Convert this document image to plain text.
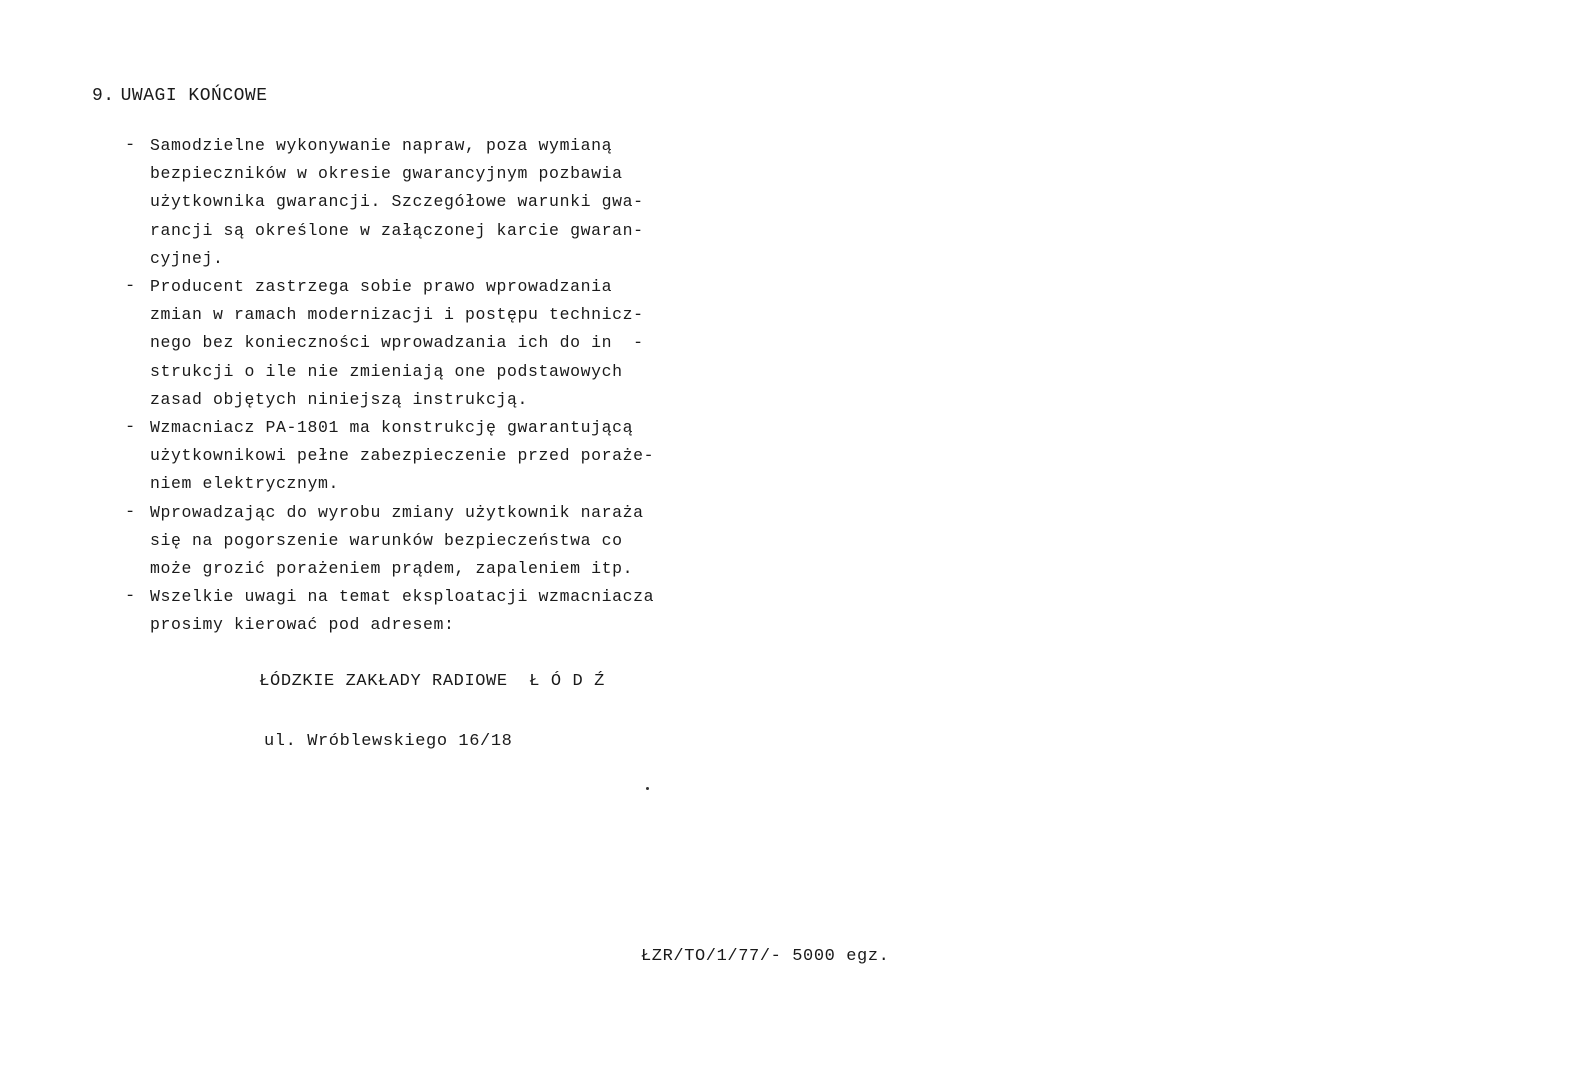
9. UWAGI KOŃCOWE
- Samodzielne wykonywanie napraw, poza wymianą
bezpieczników w okresie gwarancyjnym pozbawia
użytkownika gwarancji. Szczegółowe warunki gwa-
rancji są określone w załączonej karcie gwaran-
cyjnej.
- Producent zastrzega sobie prawo wprowadzania
zmian w ramach modernizacji i postępu technicz-
nego bez konieczności wprowadzania ich do in  -
strukcji o ile nie zmieniają one podstawowych
zasad objętych niniejszą instrukcją.
- Wzmacniacz PA-1801 ma konstrukcję gwarantującą
użytkownikowi pełne zabezpieczenie przed poraże-
niem elektrycznym.
- Wprowadzając do wyrobu zmiany użytkownik naraża
się na pogorszenie warunków bezpieczeństwa co
może grozić porażeniem prądem, zapaleniem itp.
- Wszelkie uwagi na temat eksploatacji wzmacniacza
prosimy kierować pod adresem:

ŁÓDZKIE ZAKŁADY RADIOWE  Ł Ó D Ź

ul. Wróblewskiego 16/18

ŁZR/TO/1/77/- 5000 egz.
